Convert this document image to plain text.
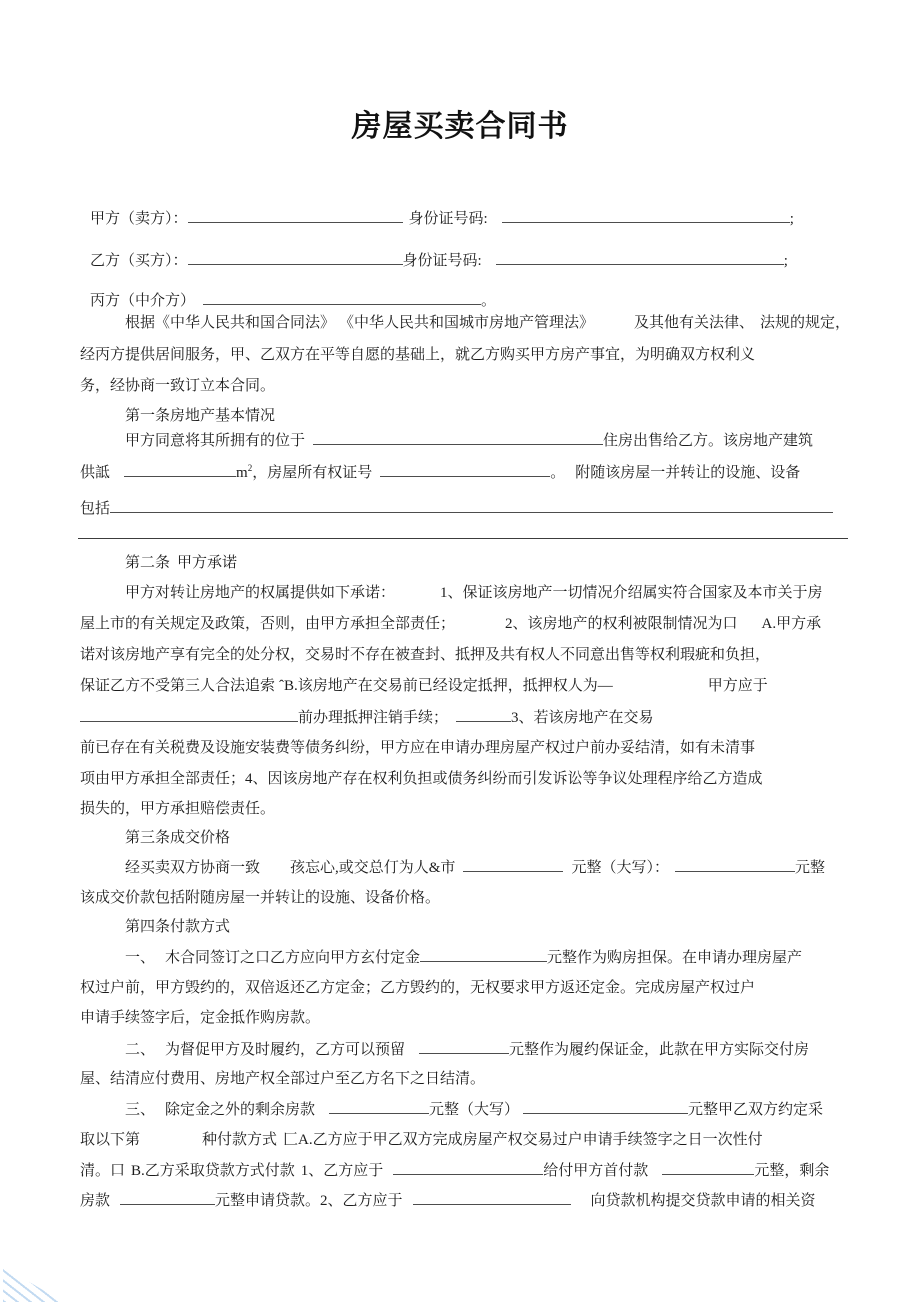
房屋买卖合同书
甲方（卖方）：	身份证号码:	;
乙方（买方）：	身份证号码:	;
丙方（中介方）	。
根据《中华人民共和国合同法》 《中华人民共和国城市房地产管理法》	及其他有关法律、 法规的规定，
经丙方提供居间服务，甲、乙双方在平等自愿的基础上，就乙方购买甲方房产事宜，为明确双方权利义
务，经协商一致订立本合同。
第一条房地产基本情况
甲方同意将其所拥有的位于	住房出售给乙方。该房地产建筑
供詆	$m^2$，房屋所有权证号	。 附随该房屋一并转让的设施、设备
包括
第二条 甲方承诺
甲方对转让房地产的权属提供如下承诺：	1、保证该房地产一切情况介绍属实符合国家及本市关于房
屋上市的有关规定及政策，否则，由甲方承担全部责任；	2、该房地产的权利被限制情况为口 A.甲方承
诺对该房地产享有完全的处分权，交易时不存在被查封、抵押及共有权人不同意出售等权利瑕疵和负担，
保证乙方不受第三人合法追索 ˆB.该房地产在交易前已经设定抵押，抵押权人为—	甲方应于
前办理抵押注销手续；	3、若该房地产在交易
前已存在有关税费及设施安装费等债务纠纷，甲方应在申请办理房屋产权过户前办妥结清，如有未清事
项由甲方承担全部责任；4、因该房地产存在权利负担或债务纠纷而引发诉讼等争议处理程序给乙方造成
损失的，甲方承担赔偿责任。
第三条成交价格
经买卖双方协商一致 孩忘心,或交总仃为人&市	元整（大写）：	元整
该成交价款包括附随房屋一并转让的设施、设备价格。
第四条付款方式
一、 木合同签订之口乙方应向甲方玄付定金	元整作为购房担保。在申请办理房屋产
权过户前，甲方毁约的，双倍返还乙方定金；乙方毁约的，无权要求甲方返还定金。完成房屋产权过户
申请手续签字后，定金抵作购房款。
二、 为督促甲方及时履约，乙方可以预留	元整作为履约保证金，此款在甲方实际交付房
屋、结清应付费用、房地产权全部过户至乙方名下之日结清。
三、 除定金之外的剩余房款	元整（大写）	元整甲乙双方约定采
取以下第	种付款方式 匚A.乙方应于甲乙双方完成房屋产权交易过户申请手续签字之日一次性付
清。口 B.乙方采取贷款方式付款 1、乙方应于	给付甲方首付款	元整，剩余
房款	元整申请贷款。2、乙方应于	向贷款机构提交贷款申请的相关资
